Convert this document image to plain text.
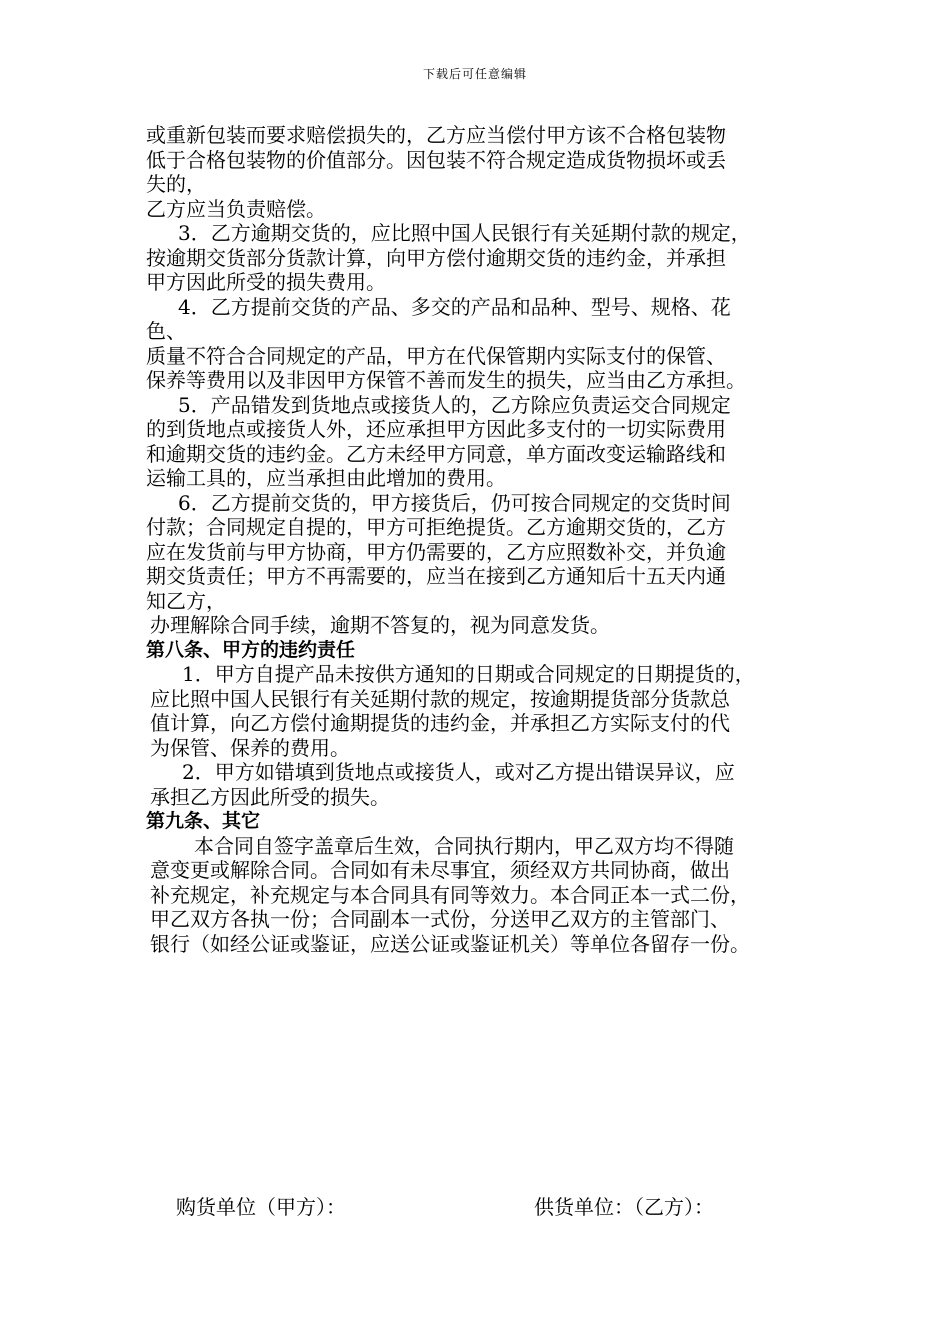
下载后可任意编辑
或重新包装而要求赔偿损失的，乙方应当偿付甲方该不合格包装物
低于合格包装物的价值部分。因包装不符合规定造成货物损坏或丢
失的，
乙方应当负责赔偿。
3．乙方逾期交货的，应比照中国人民银行有关延期付款的规定，
按逾期交货部分货款计算，向甲方偿付逾期交货的违约金，并承担
甲方因此所受的损失费用。
4．乙方提前交货的产品、多交的产品和品种、型号、规格、花
色、
质量不符合合同规定的产品，甲方在代保管期内实际支付的保管、
保养等费用以及非因甲方保管不善而发生的损失，应当由乙方承担。
5．产品错发到货地点或接货人的，乙方除应负责运交合同规定
的到货地点或接货人外，还应承担甲方因此多支付的一切实际费用
和逾期交货的违约金。乙方未经甲方同意，单方面改变运输路线和
运输工具的，应当承担由此增加的费用。
6．乙方提前交货的，甲方接货后，仍可按合同规定的交货时间
付款；合同规定自提的，甲方可拒绝提货。乙方逾期交货的，乙方
应在发货前与甲方协商，甲方仍需要的，乙方应照数补交，并负逾
期交货责任；甲方不再需要的，应当在接到乙方通知后十五天内通
知乙方，
办理解除合同手续，逾期不答复的，视为同意发货。
第八条、甲方的违约责任
1．甲方自提产品未按供方通知的日期或合同规定的日期提货的，
应比照中国人民银行有关延期付款的规定，按逾期提货部分货款总
值计算，向乙方偿付逾期提货的违约金，并承担乙方实际支付的代
为保管、保养的费用。
2．甲方如错填到货地点或接货人，或对乙方提出错误异议，应
承担乙方因此所受的损失。
第九条、其它
本合同自签字盖章后生效，合同执行期内，甲乙双方均不得随
意变更或解除合同。合同如有未尽事宜，须经双方共同协商，做出
补充规定，补充规定与本合同具有同等效力。本合同正本一式二份，
甲乙双方各执一份；合同副本一式份，分送甲乙双方的主管部门、
银行（如经公证或鉴证，应送公证或鉴证机关）等单位各留存一份。
购货单位（甲方）：	供货单位：（乙方）：
